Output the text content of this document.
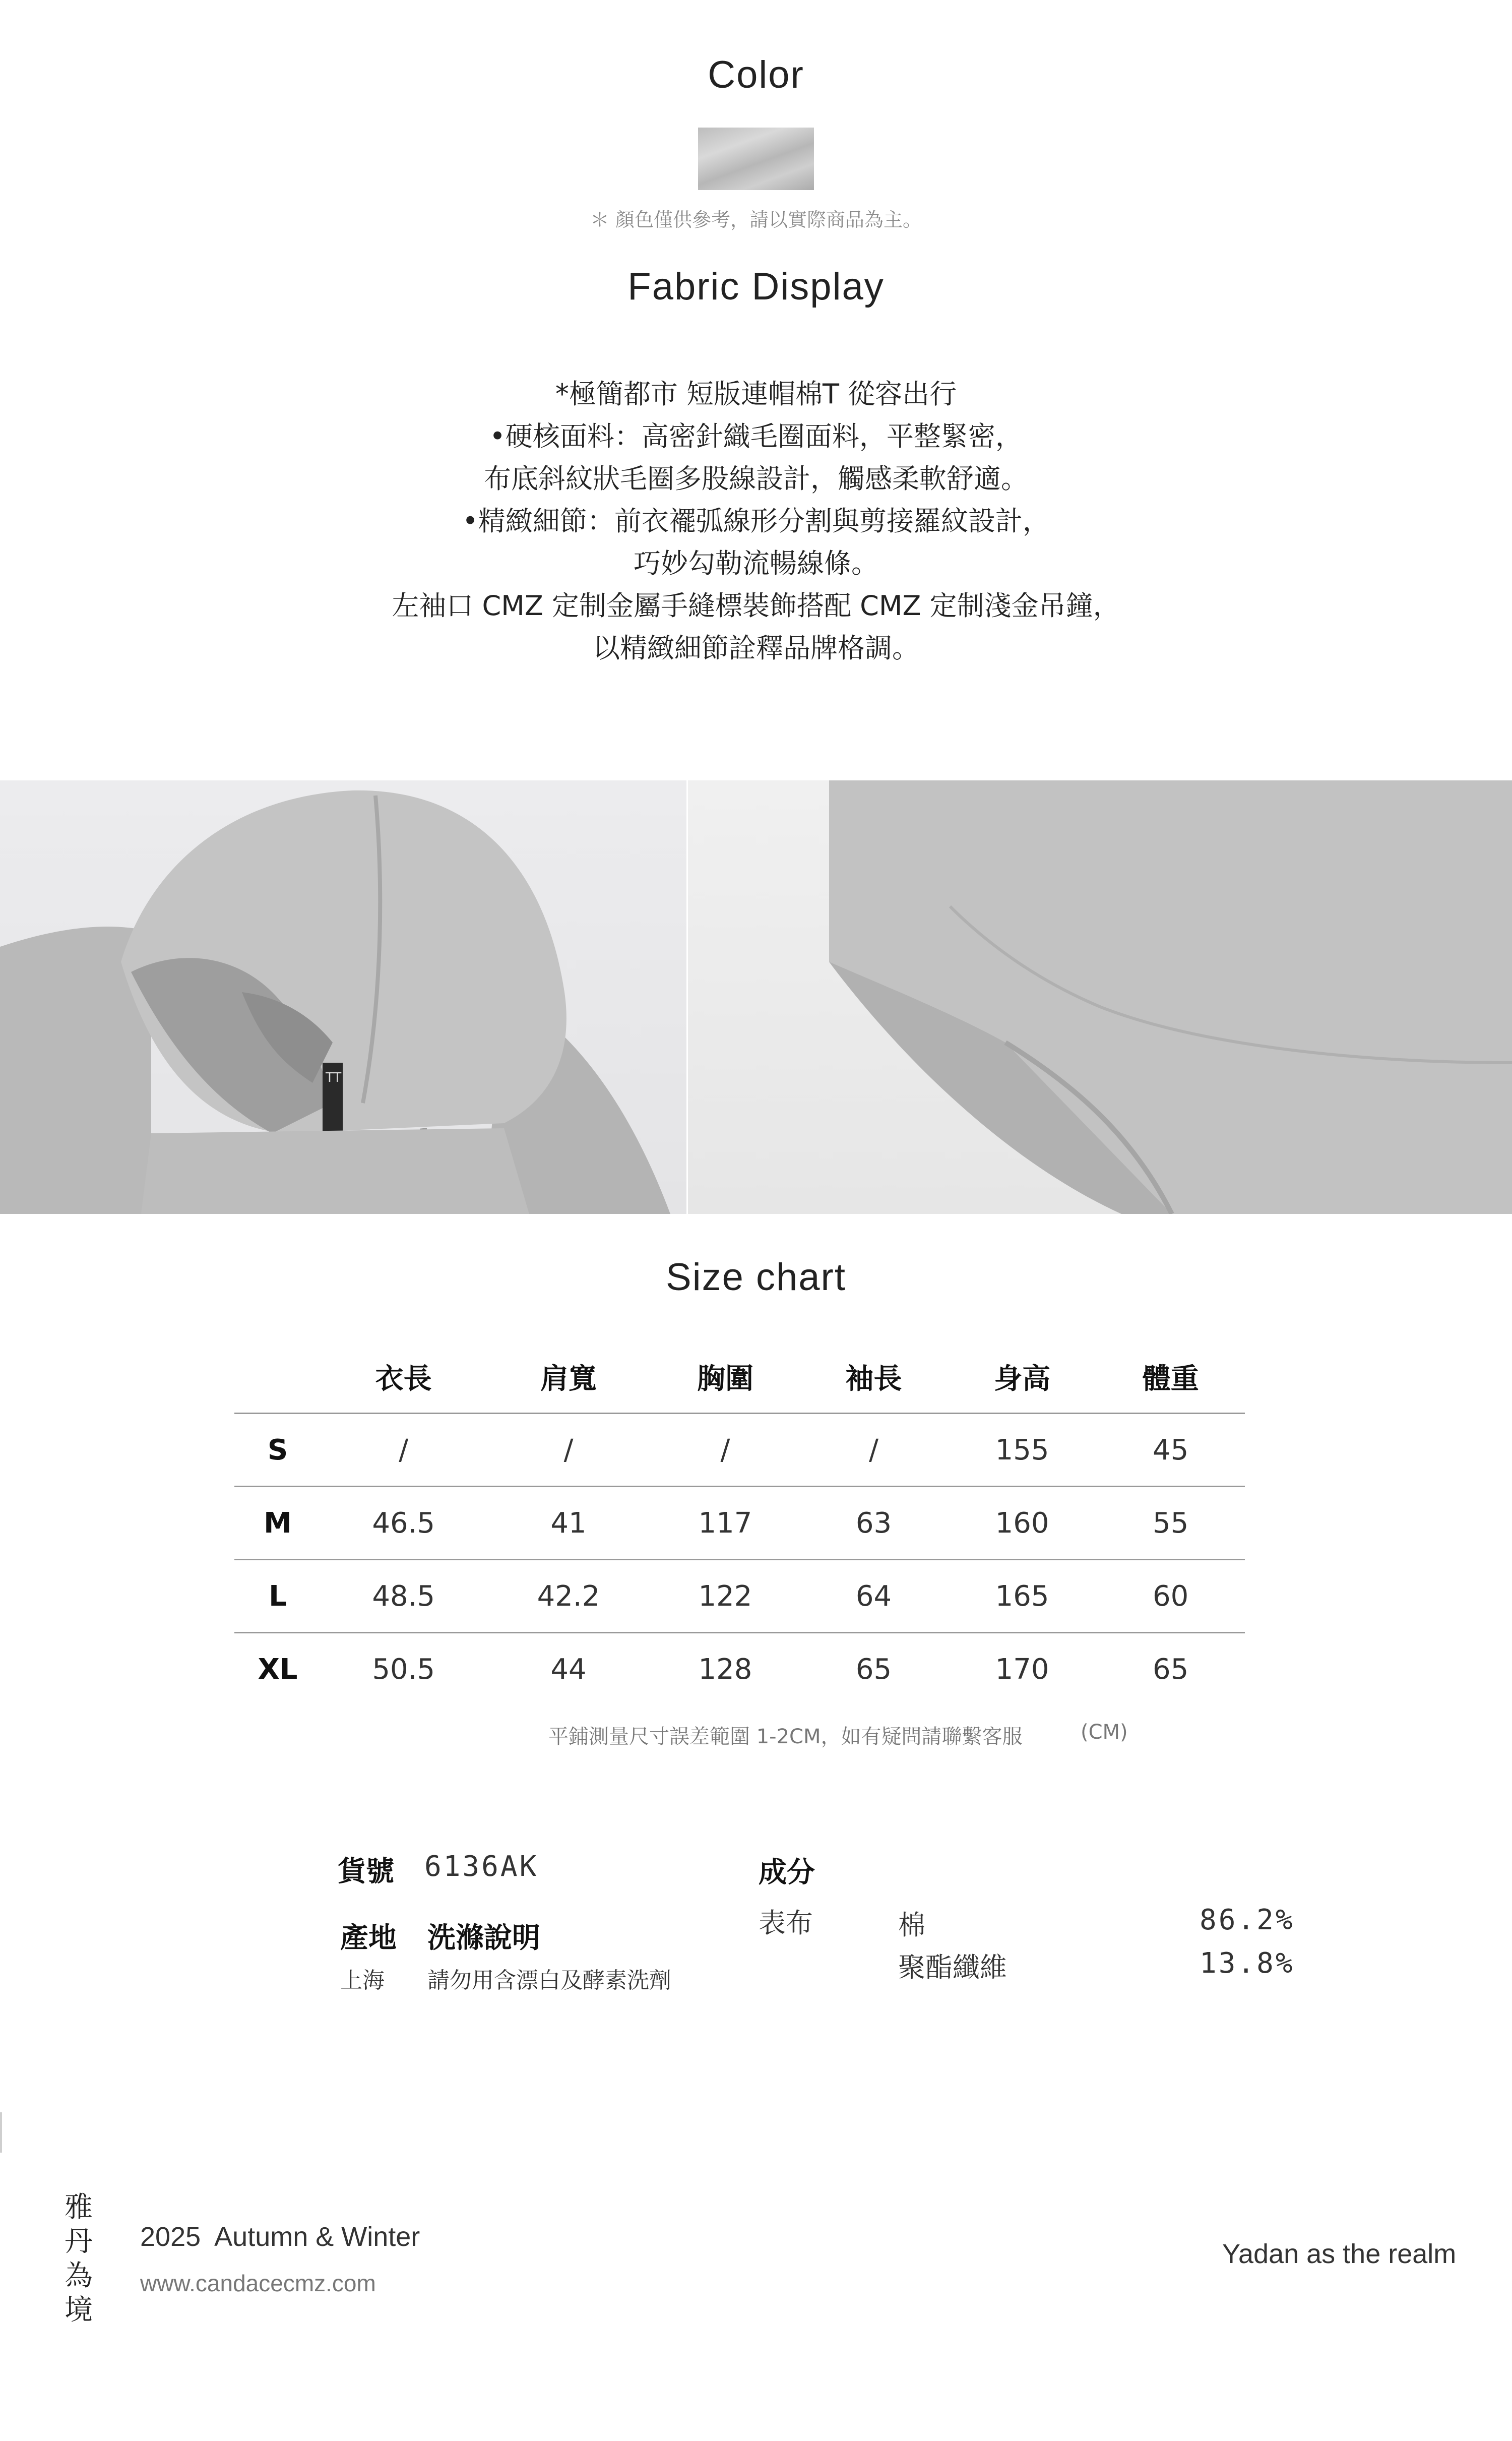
Color
＊ 顏色僅供參考，請以實際商品為主。
Fabric Display
*極簡都市 短版連帽棉T 從容出行
•硬核面料：高密針織毛圈面料，平整緊密，
布底斜紋狀毛圈多股線設計，觸感柔軟舒適。
•精緻細節：前衣襬弧線形分割與剪接羅紋設計，
巧妙勾勒流暢線條。
左袖口 CMZ 定制金屬手縫標裝飾搭配 CMZ 定制淺金吊鐘，
以精緻細節詮釋品牌格調。
TT
Size chart
	衣長	肩寬	胸圍	袖長	身高	體重
S	/	/	/	/	155	45
M	46.5	41	117	63	160	55
L	48.5	42.2	122	64	165	60
XL	50.5	44	128	65	170	65
平鋪測量尺寸誤差範圍 1-2CM，如有疑問請聯繫客服	(CM)
貨號 6136AK
產地 洗滌說明
上海 請勿用含漂白及酵素洗劑
成分
表布	棉	86.2%
聚酯纖維	13.8%
雅
丹
為
境
2025  Autumn & Winter
www.candacecmz.com
Yadan as the realm
